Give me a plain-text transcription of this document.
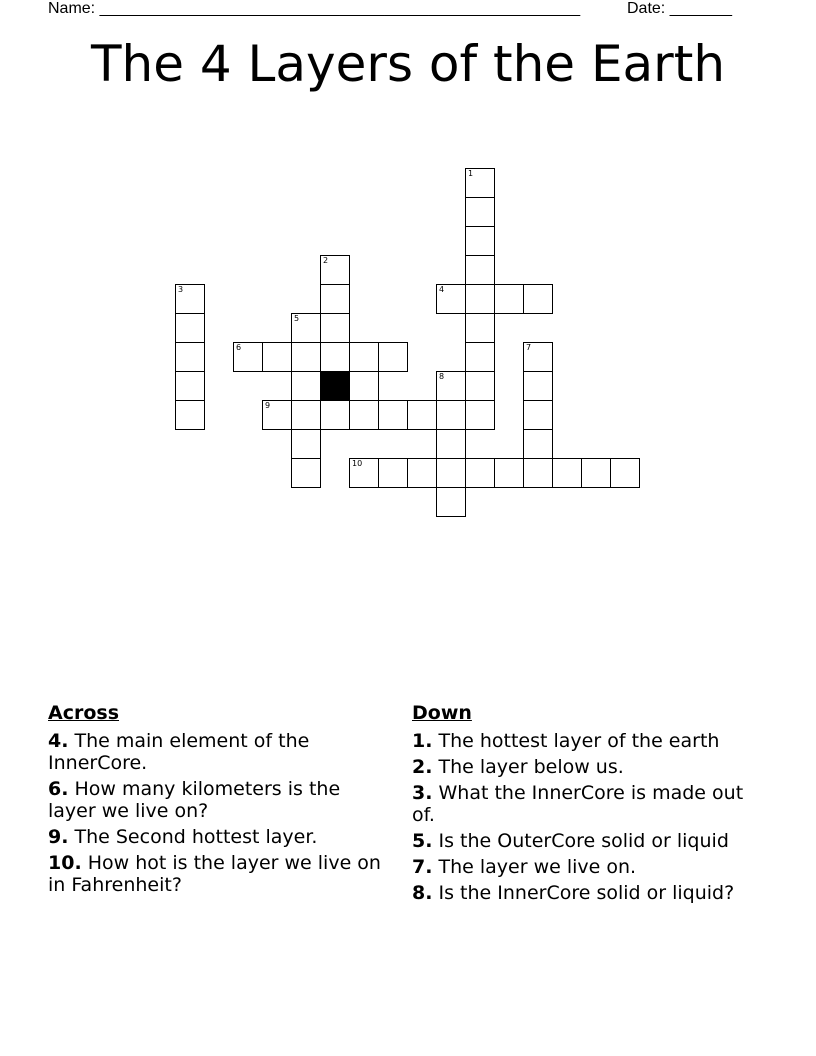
Name: ______________________________________________________	Date: _______
The 4 Layers of the Earth
1
2
3	4
5
6	7
8
9
10
Across
4. The main element of the InnerCore.
6. How many kilometers is the layer we live on?
9. The Second hottest layer.
10. How hot is the layer we live on in Fahrenheit?
Down
1. The hottest layer of the earth
2. The layer below us.
3. What the InnerCore is made out of.
5. Is the OuterCore solid or liquid
7. The layer we live on.
8. Is the InnerCore solid or liquid?
